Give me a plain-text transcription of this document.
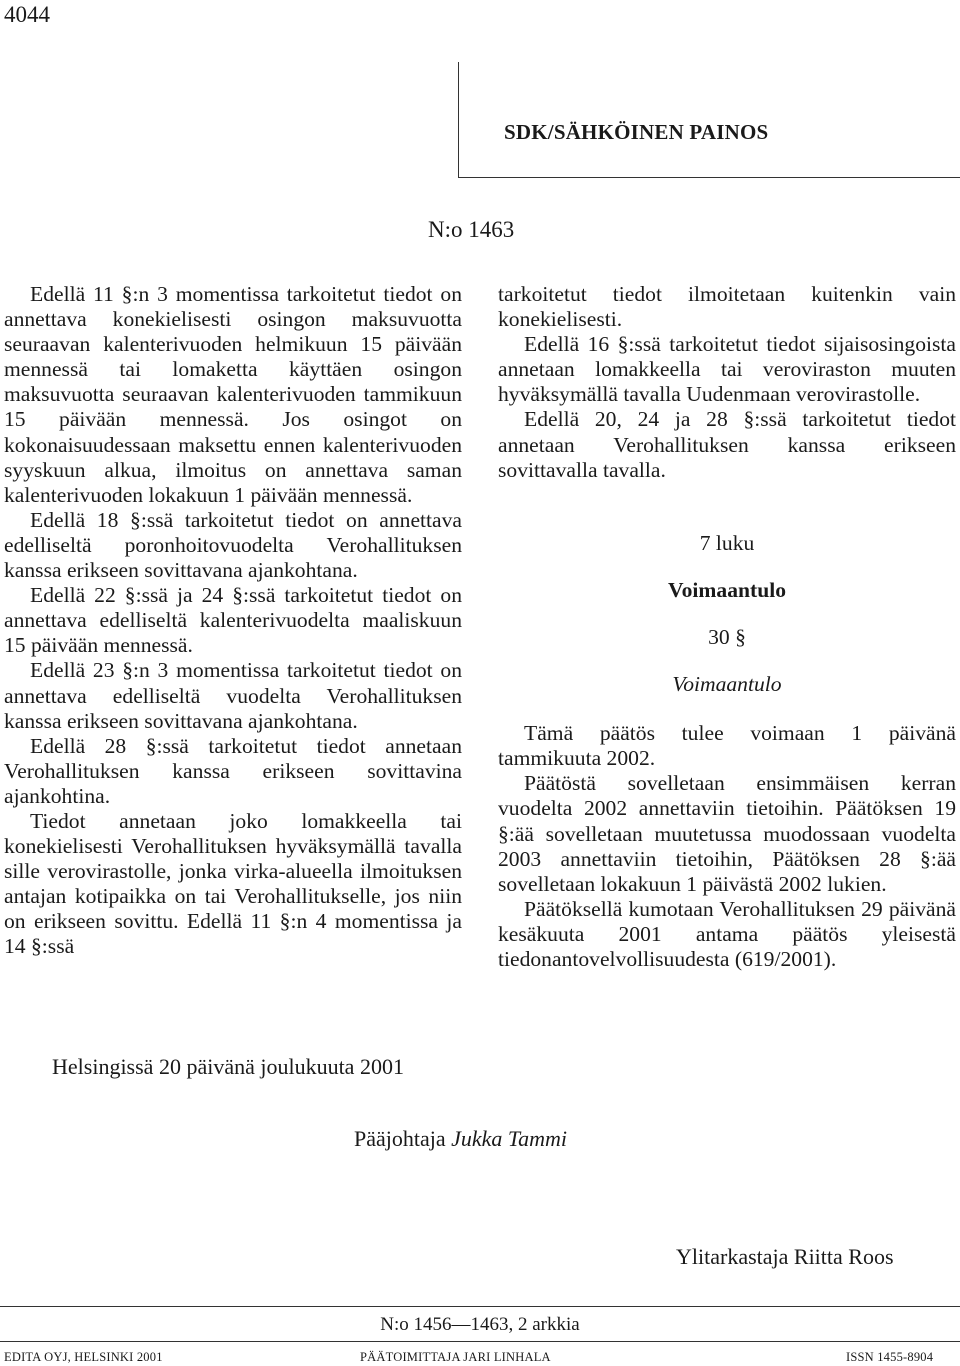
4044
SDK/SÄHKÖINEN PAINOS
N:o 1463

Edellä 11 §:n 3 momentissa tarkoitetut tiedot on annettava konekielisesti osingon maksuvuotta seuraavan kalenterivuoden helmikuun 15 päivään mennessä tai lomaketta käyttäen osingon maksuvuotta seuraavan kalenterivuoden tammikuun 15 päivään mennessä. Jos osingot on kokonaisuudessaan maksettu ennen kalenterivuoden syyskuun alkua, ilmoitus on annettava saman kalenterivuoden lokakuun 1 päivään mennessä.

Edellä 18 §:ssä tarkoitetut tiedot on annettava edelliseltä poronhoitovuodelta Verohallituksen kanssa erikseen sovittavana ajankohtana.

Edellä 22 §:ssä ja 24 §:ssä tarkoitetut tiedot on annettava edelliseltä kalenterivuodelta maaliskuun 15 päivään mennessä.

Edellä 23 §:n 3 momentissa tarkoitetut tiedot on annettava edelliseltä vuodelta Verohallituksen kanssa erikseen sovittavana ajankohtana.

Edellä 28 §:ssä tarkoitetut tiedot annetaan Verohallituksen kanssa erikseen sovittavina ajankohtina.

Tiedot annetaan joko lomakkeella tai konekielisesti Verohallituksen hyväksymällä tavalla sille verovirastolle, jonka virka-alueella ilmoituksen antajan kotipaikka on tai Verohallitukselle, jos niin on erikseen sovittu. Edellä 11 §:n 4 momentissa ja 14 §:ssä

tarkoitetut tiedot ilmoitetaan kuitenkin vain konekielisesti.

Edellä 16 §:ssä tarkoitetut tiedot sijaisosingoista annetaan lomakkeella tai veroviraston muuten hyväksymällä tavalla Uudenmaan verovirastolle.

Edellä 20, 24 ja 28 §:ssä tarkoitetut tiedot annetaan Verohallituksen kanssa erikseen sovittavalla tavalla.

7 luku

Voimaantulo

30 §

Voimaantulo

Tämä päätös tulee voimaan 1 päivänä tammikuuta 2002.

Päätöstä sovelletaan ensimmäisen kerran vuodelta 2002 annettaviin tietoihin. Päätöksen 19 §:ää sovelletaan muutetussa muodossaan vuodelta 2003 annettaviin tietoihin, Päätöksen 28 §:ää sovelletaan lokakuun 1 päivästä 2002 lukien.

Päätöksellä kumotaan Verohallituksen 29 päivänä kesäkuuta 2001 antama päätös yleisestä tiedonantovelvollisuudesta (619/2001).

Helsingissä 20 päivänä joulukuuta 2001
Pääjohtaja Jukka Tammi
Ylitarkastaja Riitta Roos
N:o 1456—1463, 2 arkkia
EDITA OYJ, HELSINKI 2001	PÄÄTOIMITTAJA JARI LINHALA	ISSN 1455-8904
